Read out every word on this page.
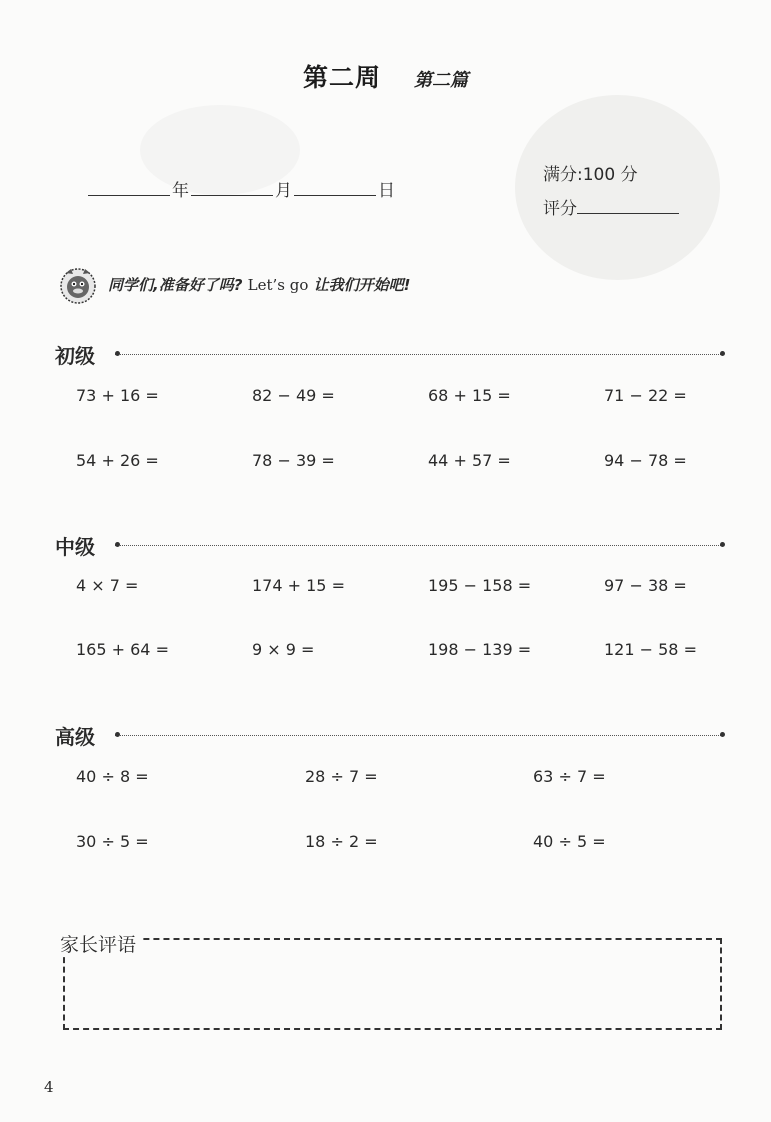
第二周 第二篇
年	月	日
满分:100 分
评分
同学们,准备好了吗? Let’s go 让我们开始吧!
初级
73 + 16 =	82 − 49 =	68 + 15 =	71 − 22 =
54 + 26 =	78 − 39 =	44 + 57 =	94 − 78 =
中级
4 × 7 =	174 + 15 =	195 − 158 =	97 − 38 =
165 + 64 =	9 × 9 =	198 − 139 =	121 − 58 =
高级
40 ÷ 8 =	28 ÷ 7 =	63 ÷ 7 =
30 ÷ 5 =	18 ÷ 2 =	40 ÷ 5 =
家长评语
4
